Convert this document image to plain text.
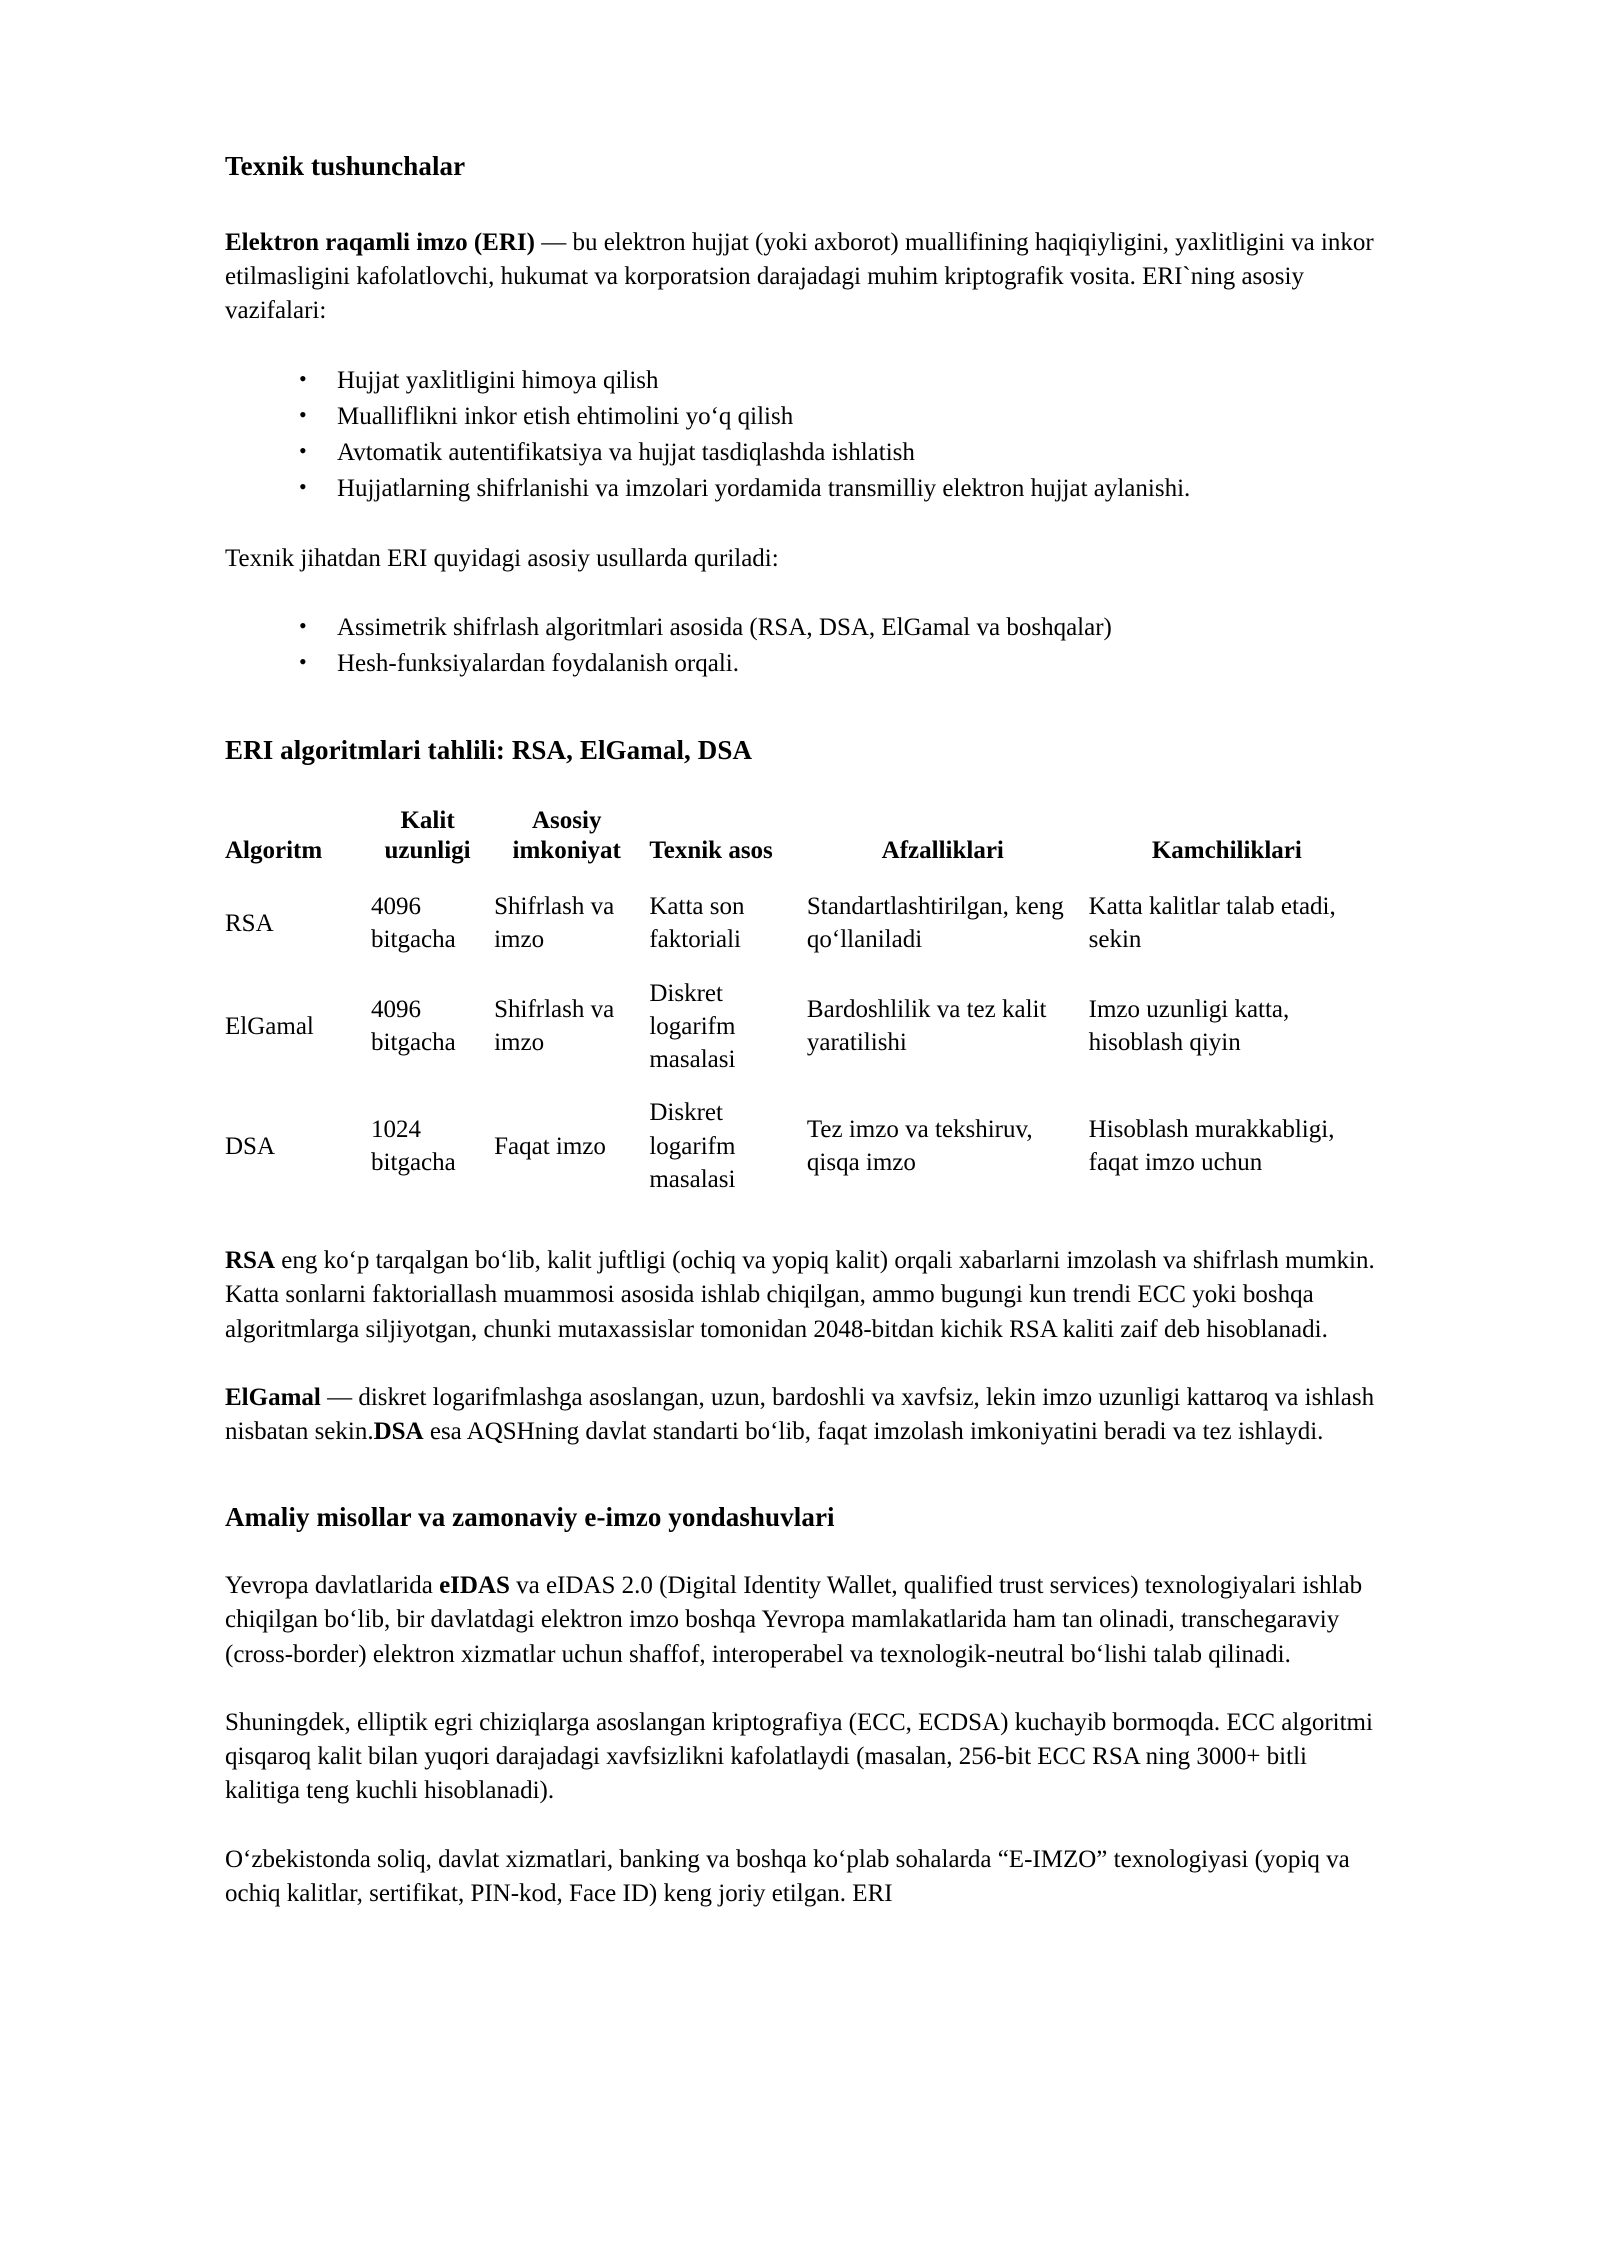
Texnik tushunchalar

Elektron raqamli imzo (ERI) — bu elektron hujjat (yoki axborot) muallifining haqiqiyligini, yaxlitligini va inkor etilmasligini kafolatlovchi, hukumat va korporatsion darajadagi muhim kriptografik vosita. ERI`ning asosiy vazifalari:

• Hujjat yaxlitligini himoya qilish
• Mualliflikni inkor etish ehtimolini yo‘q qilish
• Avtomatik autentifikatsiya va hujjat tasdiqlashda ishlatish
• Hujjatlarning shifrlanishi va imzolari yordamida transmilliy elektron hujjat aylanishi.

Texnik jihatdan ERI quyidagi asosiy usullarda quriladi:

• Assimetrik shifrlash algoritmlari asosida (RSA, DSA, ElGamal va boshqalar)
• Hesh-funksiyalardan foydalanish orqali.
ERI algoritmlari tahlili: RSA, ElGamal, DSA
Algoritm	Kalit uzunligi	Asosiy imkoniyat	Texnik asos	Afzalliklari	Kamchiliklari
RSA	4096 bitgacha	Shifrlash va imzo	Katta son faktoriali	Standartlashtirilgan, keng qo‘llaniladi	Katta kalitlar talab etadi, sekin
ElGamal	4096 bitgacha	Shifrlash va imzo	Diskret logarifm masalasi	Bardoshlilik va tez kalit yaratilishi	Imzo uzunligi katta, hisoblash qiyin
DSA	1024 bitgacha	Faqat imzo	Diskret logarifm masalasi	Tez imzo va tekshiruv, qisqa imzo	Hisoblash murakkabligi, faqat imzo uchun

RSA eng ko‘p tarqalgan bo‘lib, kalit juftligi (ochiq va yopiq kalit) orqali xabarlarni imzolash va shifrlash mumkin. Katta sonlarni faktoriallash muammosi asosida ishlab chiqilgan, ammo bugungi kun trendi ECC yoki boshqa algoritmlarga siljiyotgan, chunki mutaxassislar tomonidan 2048-bitdan kichik RSA kaliti zaif deb hisoblanadi.

ElGamal — diskret logarifmlashga asoslangan, uzun, bardoshli va xavfsiz, lekin imzo uzunligi kattaroq va ishlash nisbatan sekin.DSA esa AQSHning davlat standarti bo‘lib, faqat imzolash imkoniyatini beradi va tez ishlaydi.

Amaliy misollar va zamonaviy e-imzo yondashuvlari

Yevropa davlatlarida eIDAS va eIDAS 2.0 (Digital Identity Wallet, qualified trust services) texnologiyalari ishlab chiqilgan bo‘lib, bir davlatdagi elektron imzo boshqa Yevropa mamlakatlarida ham tan olinadi, transchegaraviy (cross-border) elektron xizmatlar uchun shaffof, interoperabel va texnologik-neutral bo‘lishi talab qilinadi.

Shuningdek, elliptik egri chiziqlarga asoslangan kriptografiya (ECC, ECDSA) kuchayib bormoqda. ECC algoritmi qisqaroq kalit bilan yuqori darajadagi xavfsizlikni kafolatlaydi (masalan, 256-bit ECC RSA ning 3000+ bitli kalitiga teng kuchli hisoblanadi).

O‘zbekistonda soliq, davlat xizmatlari, banking va boshqa ko‘plab sohalarda “E-IMZO” texnologiyasi (yopiq va ochiq kalitlar, sertifikat, PIN-kod, Face ID) keng joriy etilgan. ERI
